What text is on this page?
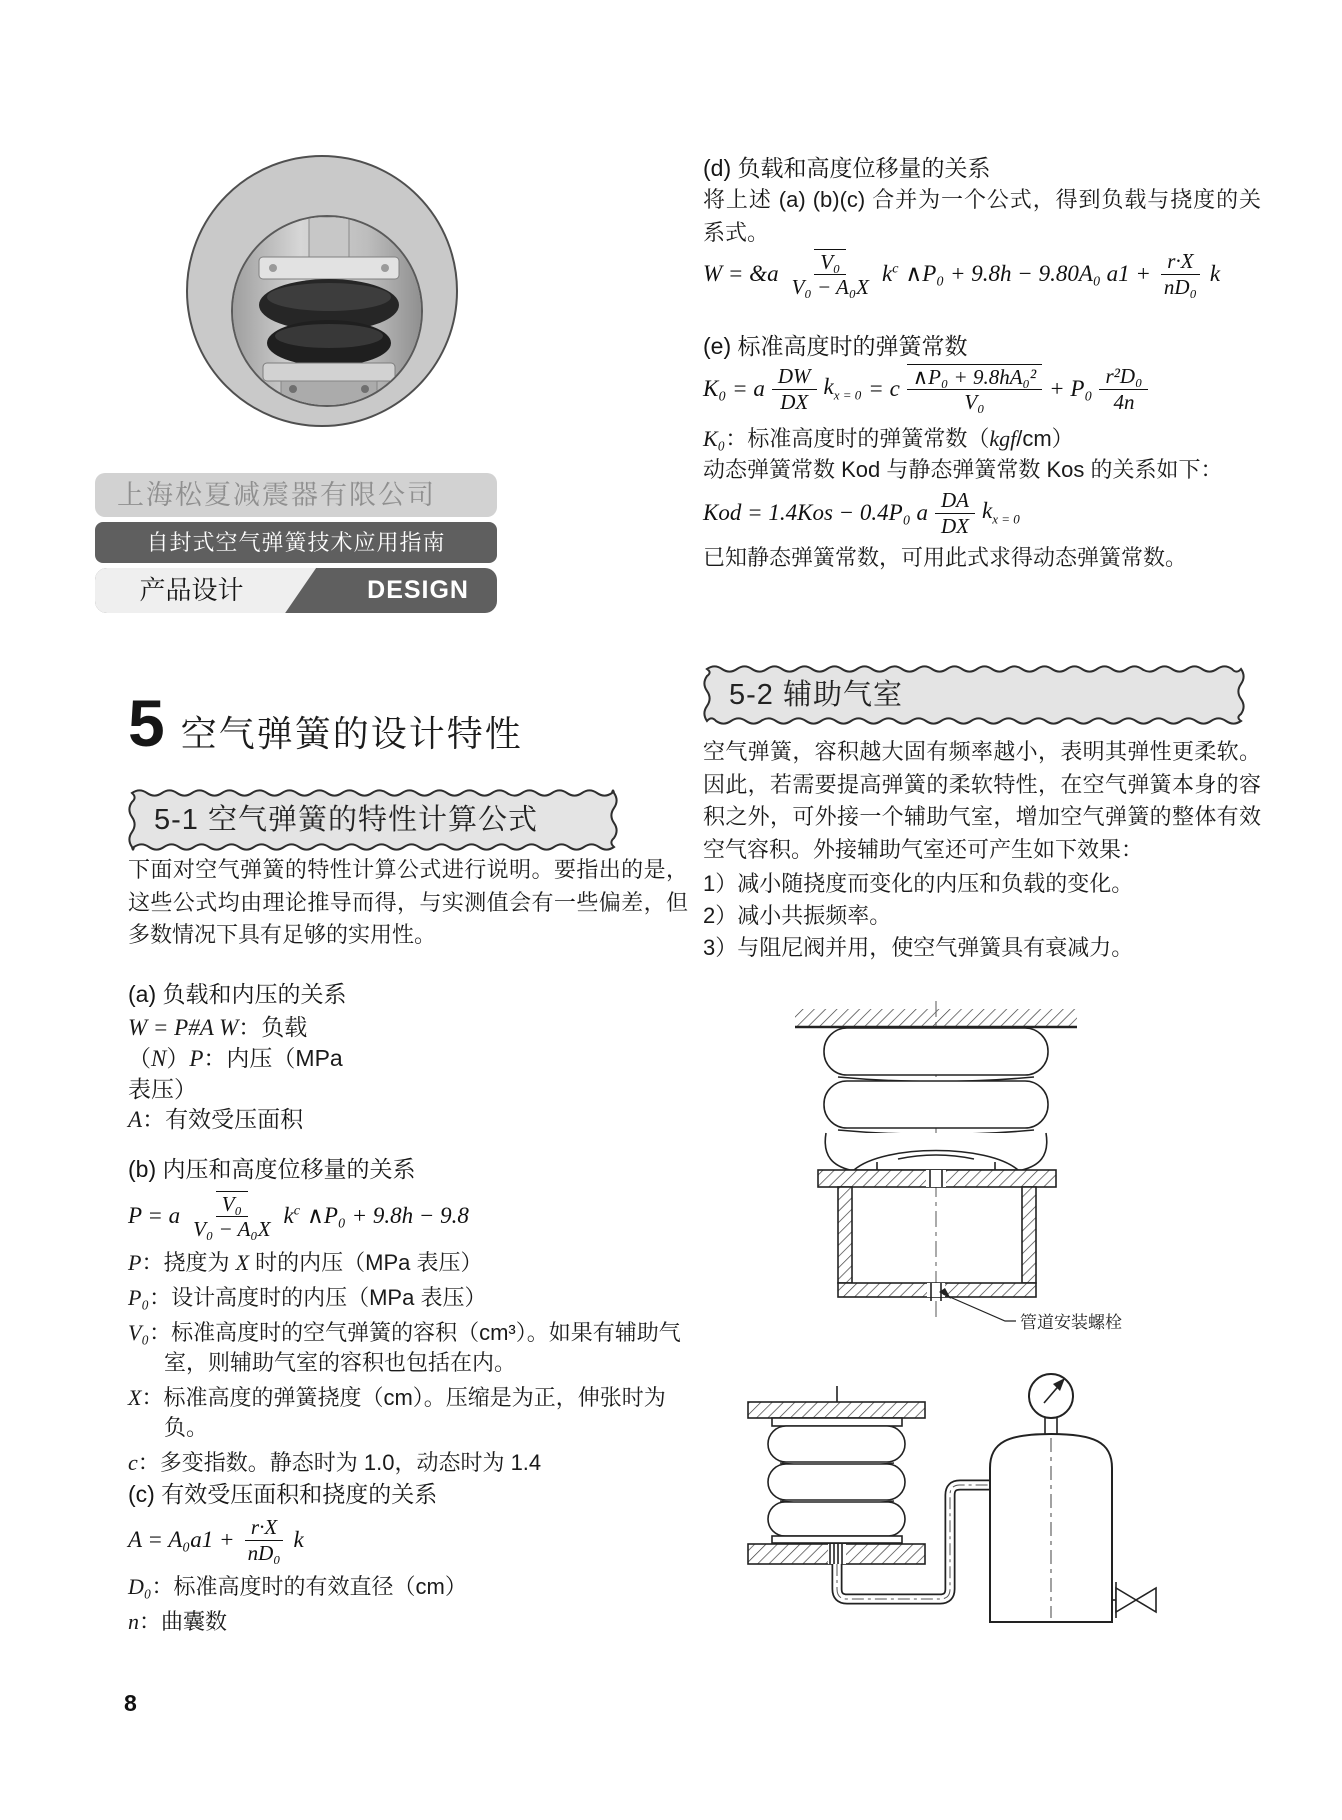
上海松夏减震器有限公司
自封式空气弹簧技术应用指南
产品设计	DESIGN
5 空气弹簧的设计特性
5-1 空气弹簧的特性计算公式
下面对空气弹簧的特性计算公式进行说明。要指出的是，这些公式均由理论推导而得，与实测值会有一些偏差，但多数情况下具有足够的实用性。
(a) 负载和内压的关系
W = P#A W：负载
（N）P：内压（MPa
表压）
A：有效受压面积
(b) 内压和高度位移量的关系
P = a $\frac{\text{V₀}}{\text{V₀ − A₀X}} k^c$ ∧P₀ + 9.8h − 9.8
P：挠度为 X 时的内压（MPa 表压）
P₀：设计高度时的内压（MPa 表压）
V₀：标准高度时的空气弹簧的容积（cm³）。如果有辅助气室，则辅助气室的容积也包括在内。
X：标准高度的弹簧挠度（cm）。压缩是为正，伸张时为负。
c：多变指数。静态时为 1.0，动态时为 1.4
(c) 有效受压面积和挠度的关系
$A = A_0a1 + \frac{r\cdot X}{\text{nD₀}}$ k
D₀：标准高度时的有效直径（cm）
n：曲囊数
8
(d) 负载和高度位移量的关系
将上述 (a) (b)(c) 合并为一个公式，得到负载与挠度的关系式。
W = &a $\frac{\text{V₀}}{\text{V₀ − A₀X}} k^c$ ∧P₀ + 9.8h − 9.80A₀ $a1 + \frac{r\cdot X}{\text{nD₀}}$ k
(e) 标准高度时的弹簧常数
K₀ = a $\frac{DW}{DX} k_{x = 0} = c \frac{\text{∧P₀ + 9.8hA₀²}}{\text{V₀}} + P_0 \frac{\text{r²D₀}}{4n}$
K₀：标准高度时的弹簧常数（kgf/cm）
动态弹簧常数 Kod 与静态弹簧常数 Kos 的关系如下：
Kod = 1.4Kos − 0.4P₀ a $\frac{DA}{DX} k_{x = 0}$
已知静态弹簧常数，可用此式求得动态弹簧常数。
5-2 辅助气室
空气弹簧，容积越大固有频率越小，表明其弹性更柔软。因此，若需要提高弹簧的柔软特性，在空气弹簧本身的容积之外，可外接一个辅助气室，增加空气弹簧的整体有效空气容积。外接辅助气室还可产生如下效果：
1）减小随挠度而变化的内压和负载的变化。
2）减小共振频率。
3）与阻尼阀并用，使空气弹簧具有衰减力。
管道安装螺栓
